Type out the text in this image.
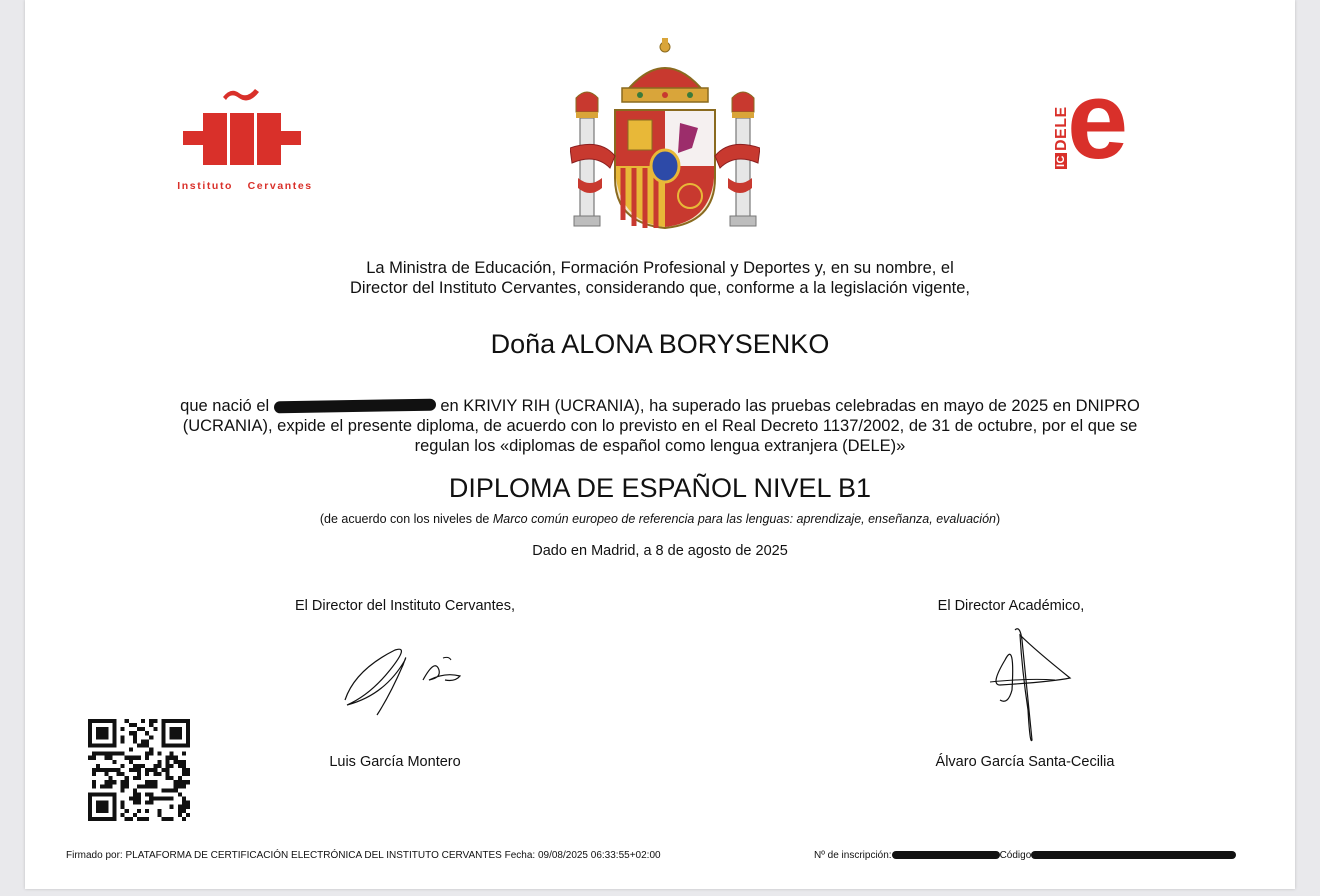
Instituto Cervantes
ICDELE
e
La Ministra de Educación, Formación Profesional y Deportes y, en su nombre, el
Director del Instituto Cervantes, considerando que, conforme a la legislación vigente,
Doña ALONA BORYSENKO
que nació el	en KRIVIY RIH (UCRANIA), ha superado las pruebas celebradas en mayo de 2025 en DNIPRO (UCRANIA), expide el presente diploma, de acuerdo con lo previsto en el Real Decreto 1137/2002, de 31 de octubre, por el que se regulan los «diplomas de español como lengua extranjera (DELE)»
DIPLOMA DE ESPAÑOL NIVEL B1
(de acuerdo con los niveles de Marco común europeo de referencia para las lenguas: aprendizaje, enseñanza, evaluación)
Dado en Madrid, a 8 de agosto de 2025
El Director del Instituto Cervantes,	El Director Académico,
Luis García Montero	Álvaro García Santa-Cecilia
Firmado por: PLATAFORMA DE CERTIFICACIÓN ELECTRÓNICA DEL INSTITUTO CERVANTES Fecha: 09/08/2025 06:33:55+02:00	Nº de inscripción:	Código
